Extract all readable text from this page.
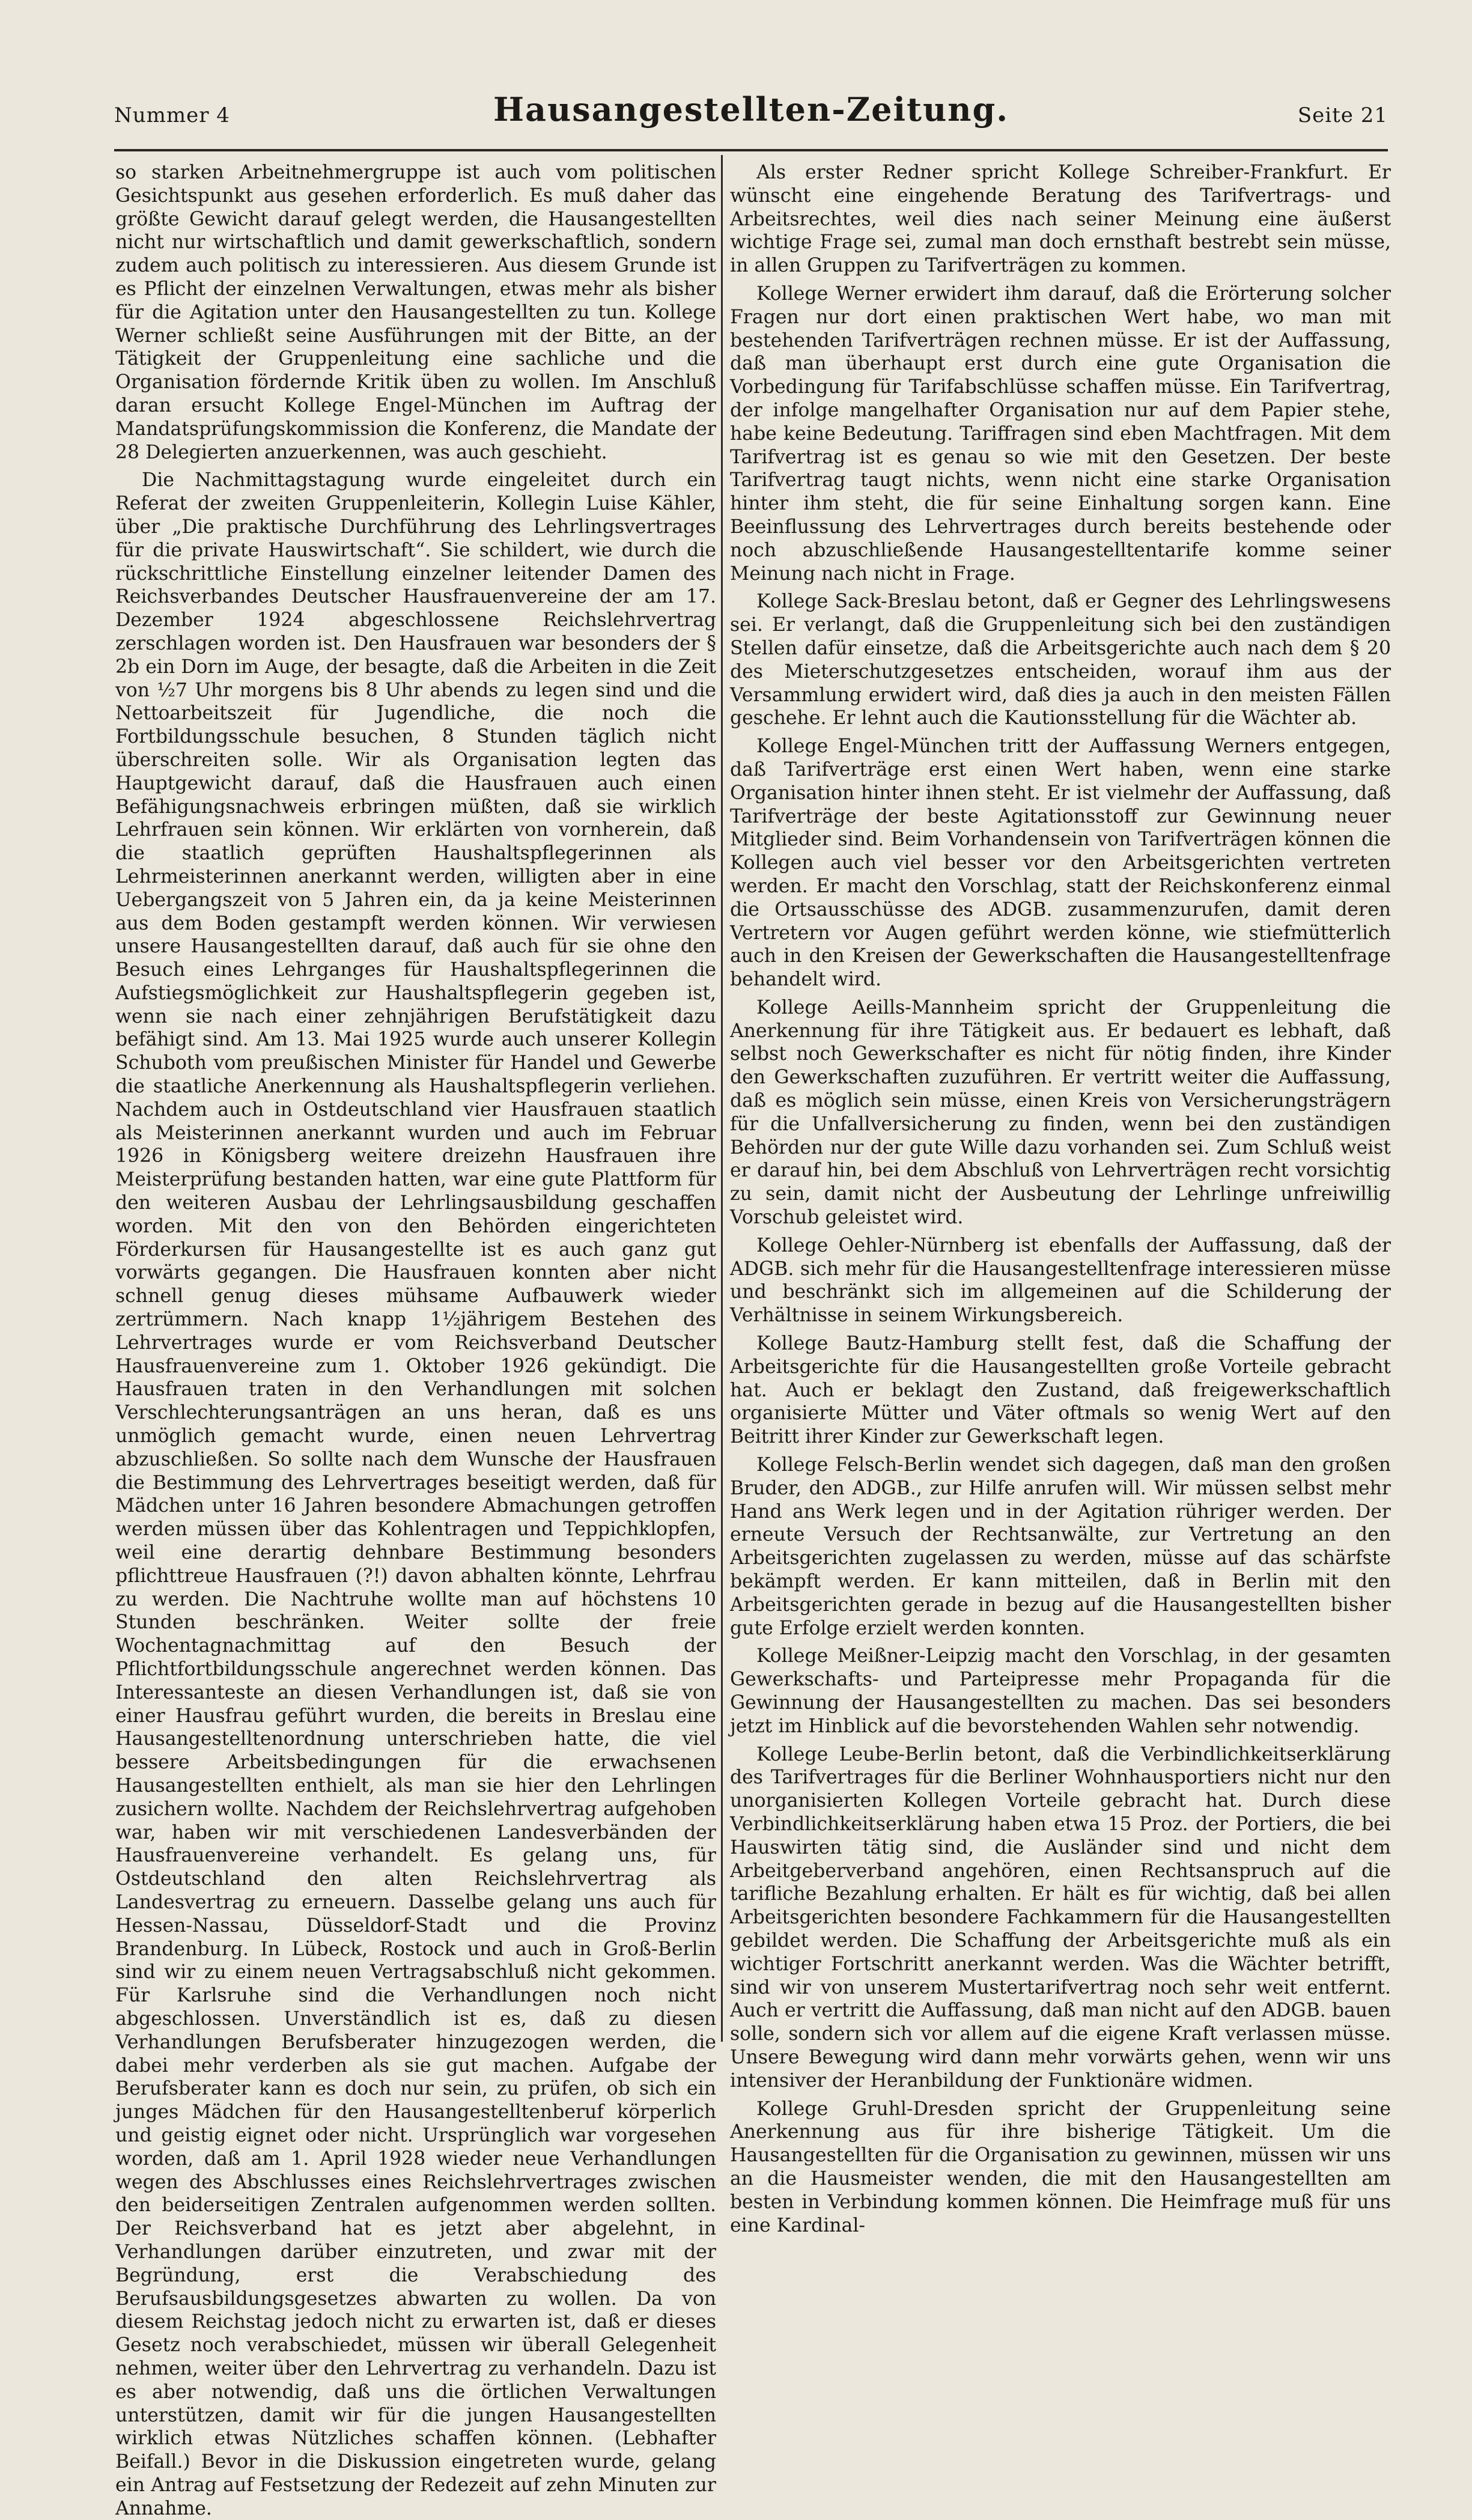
Nummer 4	Hausangestellten-Zeitung.	Seite 21

so starken Arbeitnehmergruppe ist auch vom politischen Gesichtspunkt aus gesehen erforderlich. Es muß daher das größte Gewicht darauf gelegt werden, die Hausangestellten nicht nur wirtschaftlich und damit gewerkschaftlich, sondern zudem auch politisch zu interessieren. Aus diesem Grunde ist es Pflicht der einzelnen Verwaltungen, etwas mehr als bisher für die Agitation unter den Hausangestellten zu tun. Kollege Werner schließt seine Ausführungen mit der Bitte, an der Tätigkeit der Gruppenleitung eine sachliche und die Organisation fördernde Kritik üben zu wollen. Im Anschluß daran ersucht Kollege Engel-München im Auftrag der Mandatsprüfungskommission die Konferenz, die Mandate der 28 Delegierten anzuerkennen, was auch geschieht.

Die Nachmittagstagung wurde eingeleitet durch ein Referat der zweiten Gruppenleiterin, Kollegin Luise Kähler, über „Die praktische Durchführung des Lehrlingsvertrages für die private Hauswirtschaft“. Sie schildert, wie durch die rückschrittliche Einstellung einzelner leitender Damen des Reichsverbandes Deutscher Hausfrauenvereine der am 17. Dezember 1924 abgeschlossene Reichslehrvertrag zerschlagen worden ist. Den Hausfrauen war besonders der § 2b ein Dorn im Auge, der besagte, daß die Arbeiten in die Zeit von ½7 Uhr morgens bis 8 Uhr abends zu legen sind und die Nettoarbeitszeit für Jugendliche, die noch die Fortbildungsschule besuchen, 8 Stunden täglich nicht überschreiten solle. Wir als Organisation legten das Hauptgewicht darauf, daß die Hausfrauen auch einen Befähigungsnachweis erbringen müßten, daß sie wirklich Lehrfrauen sein können. Wir erklärten von vornherein, daß die staatlich geprüften Haushaltspflegerinnen als Lehrmeisterinnen anerkannt werden, willigten aber in eine Uebergangszeit von 5 Jahren ein, da ja keine Meisterinnen aus dem Boden gestampft werden können. Wir verwiesen unsere Hausangestellten darauf, daß auch für sie ohne den Besuch eines Lehrganges für Haushaltspflegerinnen die Aufstiegsmöglichkeit zur Haushaltspflegerin gegeben ist, wenn sie nach einer zehnjährigen Berufstätigkeit dazu befähigt sind. Am 13. Mai 1925 wurde auch unserer Kollegin Schuboth vom preußischen Minister für Handel und Gewerbe die staatliche Anerkennung als Haushaltspflegerin verliehen. Nachdem auch in Ostdeutschland vier Hausfrauen staatlich als Meisterinnen anerkannt wurden und auch im Februar 1926 in Königsberg weitere dreizehn Hausfrauen ihre Meisterprüfung bestanden hatten, war eine gute Plattform für den weiteren Ausbau der Lehrlingsausbildung geschaffen worden. Mit den von den Behörden eingerichteten Förderkursen für Hausangestellte ist es auch ganz gut vorwärts gegangen. Die Hausfrauen konnten aber nicht schnell genug dieses mühsame Aufbauwerk wieder zertrümmern. Nach knapp 1½jährigem Bestehen des Lehrvertrages wurde er vom Reichsverband Deutscher Hausfrauenvereine zum 1. Oktober 1926 gekündigt. Die Hausfrauen traten in den Verhandlungen mit solchen Verschlechterungsanträgen an uns heran, daß es uns unmöglich gemacht wurde, einen neuen Lehrvertrag abzuschließen. So sollte nach dem Wunsche der Hausfrauen die Bestimmung des Lehrvertrages beseitigt werden, daß für Mädchen unter 16 Jahren besondere Abmachungen getroffen werden müssen über das Kohlentragen und Teppichklopfen, weil eine derartig dehnbare Bestimmung besonders pflichttreue Hausfrauen (?!) davon abhalten könnte, Lehrfrau zu werden. Die Nachtruhe wollte man auf höchstens 10 Stunden beschränken. Weiter sollte der freie Wochentagnachmittag auf den Besuch der Pflichtfortbildungsschule angerechnet werden können. Das Interessanteste an diesen Verhandlungen ist, daß sie von einer Hausfrau geführt wurden, die bereits in Breslau eine Hausangestelltenordnung unterschrieben hatte, die viel bessere Arbeitsbedingungen für die erwachsenen Hausangestellten enthielt, als man sie hier den Lehrlingen zusichern wollte. Nachdem der Reichslehrvertrag aufgehoben war, haben wir mit verschiedenen Landesverbänden der Hausfrauenvereine verhandelt. Es gelang uns, für Ostdeutschland den alten Reichslehrvertrag als Landesvertrag zu erneuern. Dasselbe gelang uns auch für Hessen-Nassau, Düsseldorf-Stadt und die Provinz Brandenburg. In Lübeck, Rostock und auch in Groß-Berlin sind wir zu einem neuen Vertragsabschluß nicht gekommen. Für Karlsruhe sind die Verhandlungen noch nicht abgeschlossen. Unverständlich ist es, daß zu diesen Verhandlungen Berufsberater hinzugezogen werden, die dabei mehr verderben als sie gut machen. Aufgabe der Berufsberater kann es doch nur sein, zu prüfen, ob sich ein junges Mädchen für den Hausangestelltenberuf körperlich und geistig eignet oder nicht. Ursprünglich war vorgesehen worden, daß am 1. April 1928 wieder neue Verhandlungen wegen des Abschlusses eines Reichslehrvertrages zwischen den beiderseitigen Zentralen aufgenommen werden sollten. Der Reichsverband hat es jetzt aber abgelehnt, in Verhandlungen darüber einzutreten, und zwar mit der Begründung, erst die Verabschiedung des Berufsausbildungsgesetzes abwarten zu wollen. Da von diesem Reichstag jedoch nicht zu erwarten ist, daß er dieses Gesetz noch verabschiedet, müssen wir überall Gelegenheit nehmen, weiter über den Lehrvertrag zu verhandeln. Dazu ist es aber notwendig, daß uns die örtlichen Verwaltungen unterstützen, damit wir für die jungen Hausangestellten wirklich etwas Nützliches schaffen können. (Lebhafter Beifall.) Bevor in die Diskussion eingetreten wurde, gelang ein Antrag auf Festsetzung der Redezeit auf zehn Minuten zur Annahme.

Als erster Redner spricht Kollege Schreiber-Frankfurt. Er wünscht eine eingehende Beratung des Tarifvertrags- und Arbeitsrechtes, weil dies nach seiner Meinung eine äußerst wichtige Frage sei, zumal man doch ernsthaft bestrebt sein müsse, in allen Gruppen zu Tarifverträgen zu kommen.

Kollege Werner erwidert ihm darauf, daß die Erörterung solcher Fragen nur dort einen praktischen Wert habe, wo man mit bestehenden Tarifverträgen rechnen müsse. Er ist der Auffassung, daß man überhaupt erst durch eine gute Organisation die Vorbedingung für Tarifabschlüsse schaffen müsse. Ein Tarifvertrag, der infolge mangelhafter Organisation nur auf dem Papier stehe, habe keine Bedeutung. Tariffragen sind eben Machtfragen. Mit dem Tarifvertrag ist es genau so wie mit den Gesetzen. Der beste Tarifvertrag taugt nichts, wenn nicht eine starke Organisation hinter ihm steht, die für seine Einhaltung sorgen kann. Eine Beeinflussung des Lehrvertrages durch bereits bestehende oder noch abzuschließende Hausangestelltentarife komme seiner Meinung nach nicht in Frage.

Kollege Sack-Breslau betont, daß er Gegner des Lehrlingswesens sei. Er verlangt, daß die Gruppenleitung sich bei den zuständigen Stellen dafür einsetze, daß die Arbeitsgerichte auch nach dem § 20 des Mieterschutzgesetzes entscheiden, worauf ihm aus der Versammlung erwidert wird, daß dies ja auch in den meisten Fällen geschehe. Er lehnt auch die Kautionsstellung für die Wächter ab.

Kollege Engel-München tritt der Auffassung Werners entgegen, daß Tarifverträge erst einen Wert haben, wenn eine starke Organisation hinter ihnen steht. Er ist vielmehr der Auffassung, daß Tarifverträge der beste Agitationsstoff zur Gewinnung neuer Mitglieder sind. Beim Vorhandensein von Tarifverträgen können die Kollegen auch viel besser vor den Arbeitsgerichten vertreten werden. Er macht den Vorschlag, statt der Reichskonferenz einmal die Ortsausschüsse des ADGB. zusammenzurufen, damit deren Vertretern vor Augen geführt werden könne, wie stiefmütterlich auch in den Kreisen der Gewerkschaften die Hausangestelltenfrage behandelt wird.

Kollege Aeills-Mannheim spricht der Gruppenleitung die Anerkennung für ihre Tätigkeit aus. Er bedauert es lebhaft, daß selbst noch Gewerkschafter es nicht für nötig finden, ihre Kinder den Gewerkschaften zuzuführen. Er vertritt weiter die Auffassung, daß es möglich sein müsse, einen Kreis von Versicherungsträgern für die Unfallversicherung zu finden, wenn bei den zuständigen Behörden nur der gute Wille dazu vorhanden sei. Zum Schluß weist er darauf hin, bei dem Abschluß von Lehrverträgen recht vorsichtig zu sein, damit nicht der Ausbeutung der Lehrlinge unfreiwillig Vorschub geleistet wird.

Kollege Oehler-Nürnberg ist ebenfalls der Auffassung, daß der ADGB. sich mehr für die Hausangestelltenfrage interessieren müsse und beschränkt sich im allgemeinen auf die Schilderung der Verhältnisse in seinem Wirkungsbereich.

Kollege Bautz-Hamburg stellt fest, daß die Schaffung der Arbeitsgerichte für die Hausangestellten große Vorteile gebracht hat. Auch er beklagt den Zustand, daß freigewerkschaftlich organisierte Mütter und Väter oftmals so wenig Wert auf den Beitritt ihrer Kinder zur Gewerkschaft legen.

Kollege Felsch-Berlin wendet sich dagegen, daß man den großen Bruder, den ADGB., zur Hilfe anrufen will. Wir müssen selbst mehr Hand ans Werk legen und in der Agitation rühriger werden. Der erneute Versuch der Rechtsanwälte, zur Vertretung an den Arbeitsgerichten zugelassen zu werden, müsse auf das schärfste bekämpft werden. Er kann mitteilen, daß in Berlin mit den Arbeitsgerichten gerade in bezug auf die Hausangestellten bisher gute Erfolge erzielt werden konnten.

Kollege Meißner-Leipzig macht den Vorschlag, in der gesamten Gewerkschafts- und Parteipresse mehr Propaganda für die Gewinnung der Hausangestellten zu machen. Das sei besonders jetzt im Hinblick auf die bevorstehenden Wahlen sehr notwendig.

Kollege Leube-Berlin betont, daß die Verbindlichkeitserklärung des Tarifvertrages für die Berliner Wohnhausportiers nicht nur den unorganisierten Kollegen Vorteile gebracht hat. Durch diese Verbindlichkeitserklärung haben etwa 15 Proz. der Portiers, die bei Hauswirten tätig sind, die Ausländer sind und nicht dem Arbeitgeberverband angehören, einen Rechtsanspruch auf die tarifliche Bezahlung erhalten. Er hält es für wichtig, daß bei allen Arbeitsgerichten besondere Fachkammern für die Hausangestellten gebildet werden. Die Schaffung der Arbeitsgerichte muß als ein wichtiger Fortschritt anerkannt werden. Was die Wächter betrifft, sind wir von unserem Mustertarifvertrag noch sehr weit entfernt. Auch er vertritt die Auffassung, daß man nicht auf den ADGB. bauen solle, sondern sich vor allem auf die eigene Kraft verlassen müsse. Unsere Bewegung wird dann mehr vorwärts gehen, wenn wir uns intensiver der Heranbildung der Funktionäre widmen.

Kollege Gruhl-Dresden spricht der Gruppenleitung seine Anerkennung aus für ihre bisherige Tätigkeit. Um die Hausangestellten für die Organisation zu gewinnen, müssen wir uns an die Hausmeister wenden, die mit den Hausangestellten am besten in Verbindung kommen können. Die Heimfrage muß für uns eine Kardinal-
